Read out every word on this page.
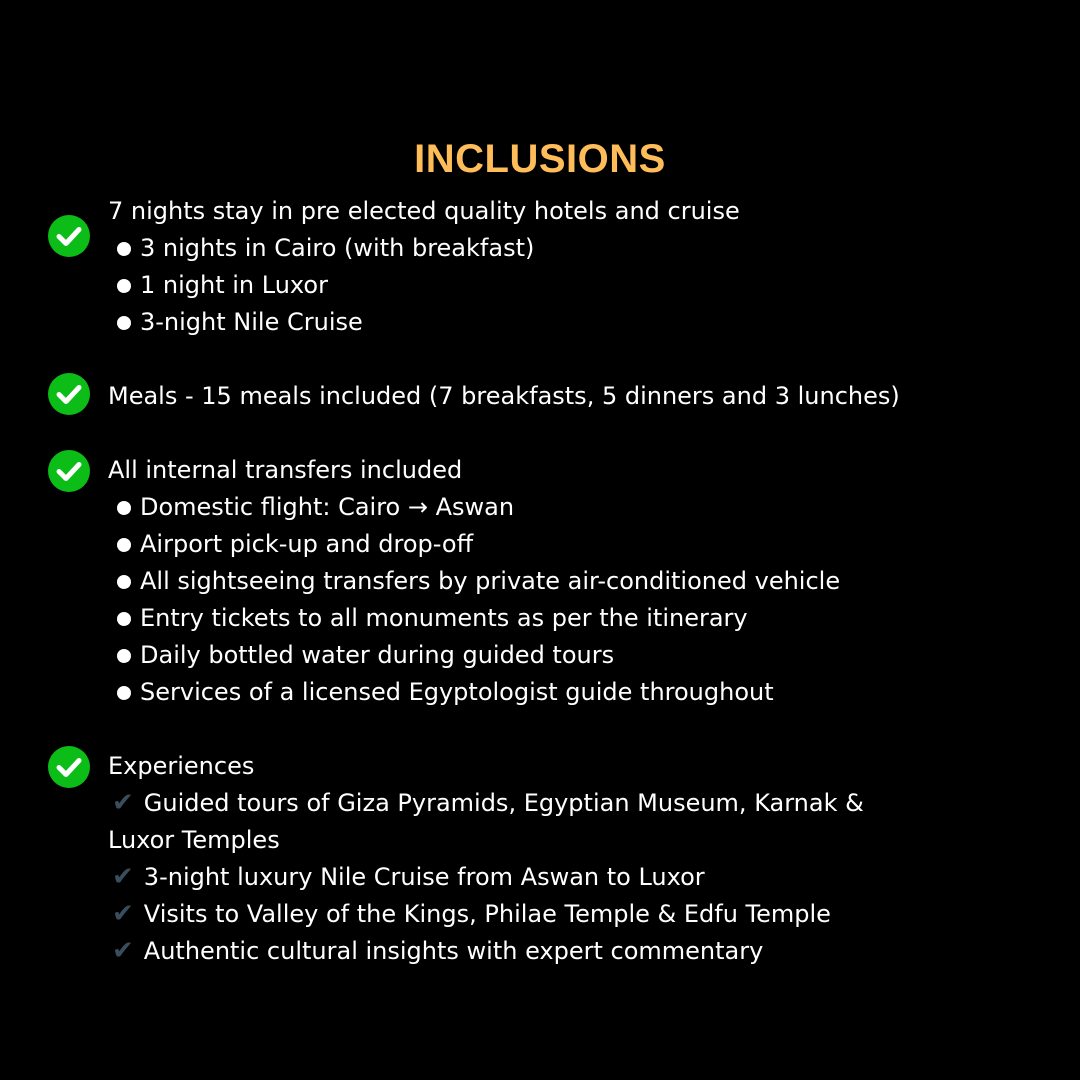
INCLUSIONS

7 nights stay in pre elected quality hotels and cruise

3 nights in Cairo (with breakfast)

1 night in Luxor

3-night Nile Cruise

Meals - 15 meals included (7 breakfasts, 5 dinners and 3 lunches)

All internal transfers included

Domestic flight: Cairo → Aswan

Airport pick-up and drop-off

All sightseeing transfers by private air-conditioned vehicle

Entry tickets to all monuments as per the itinerary

Daily bottled water during guided tours

Services of a licensed Egyptologist guide throughout

Experiences

✔ Guided tours of Giza Pyramids, Egyptian Museum, Karnak & Luxor Temples

✔ 3-night luxury Nile Cruise from Aswan to Luxor

✔ Visits to Valley of the Kings, Philae Temple & Edfu Temple

✔ Authentic cultural insights with expert commentary
